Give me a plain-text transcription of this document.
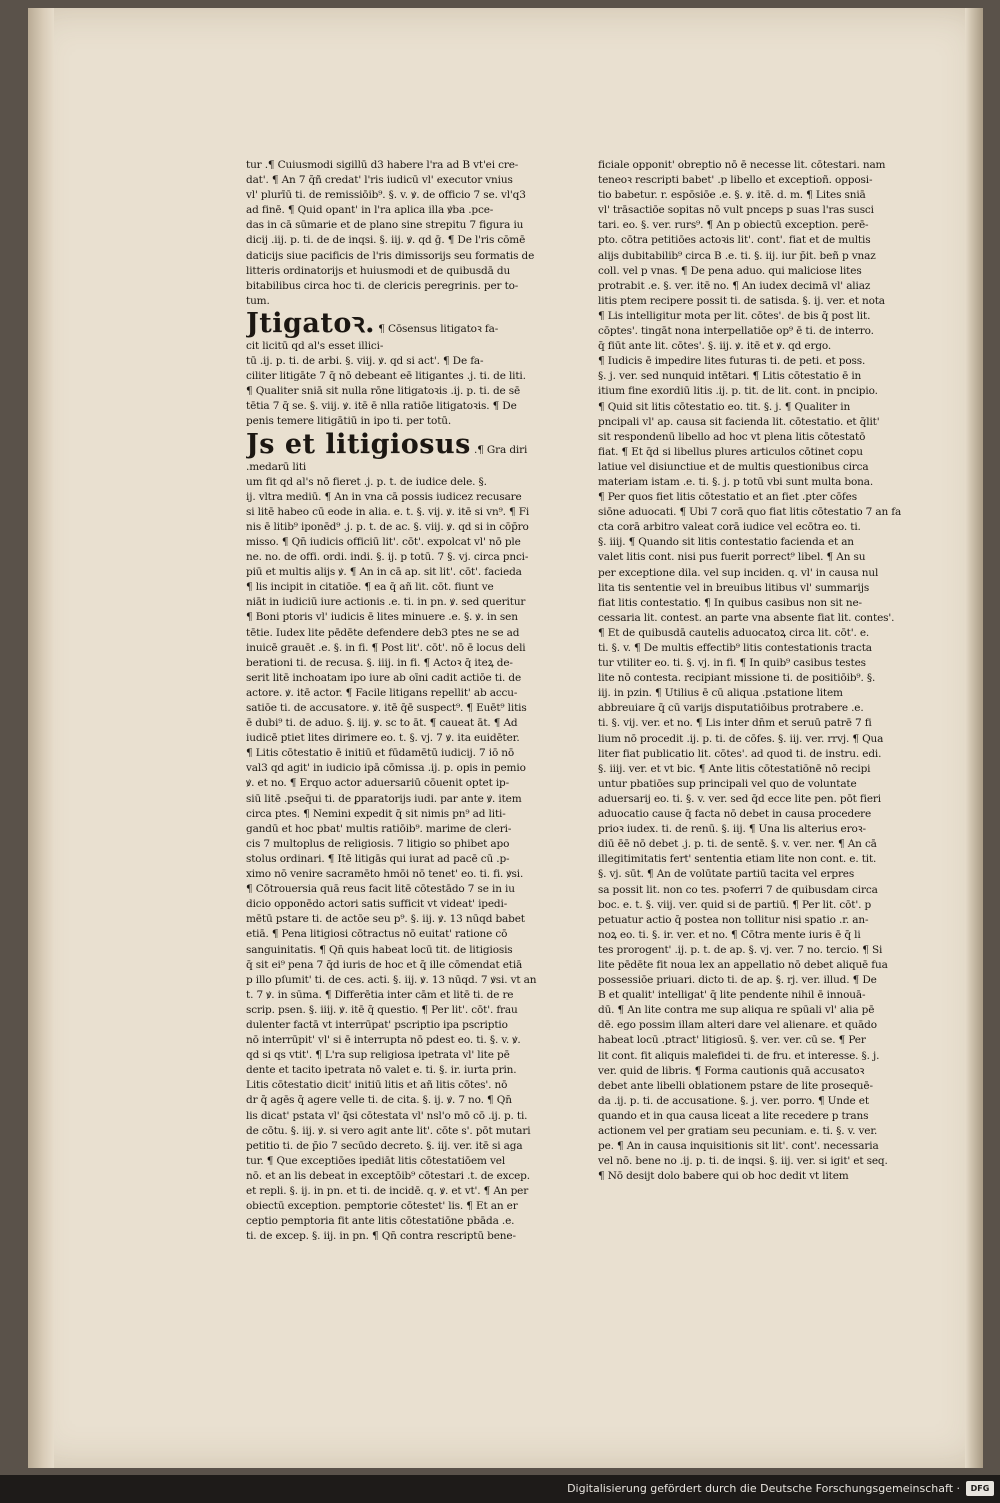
tur .¶ Cuiusmodi sigillū d3 habere l'ra ad B vt'ei cre-
dat'. ¶ An 7 q̄ñ credat' l'ris iudicū vl' executor vnius
vl' plurīū ti. de remissiōib⁹. §. v. ꝟ. de officio 7 se. vl'q3
ad finē. ¶ Quid opant' in l'ra aplica illa ꝟba .pce-
das in cā sūmarie et de plano sine strepitu 7 figura iu
dicij .iij. p. ti. de de inqsi. §. iij. ꝟ. qd ḡ. ¶ De l'ris cōmē
daticijs siue pacificis de l'ris dimissorijs seu formatis de
litteris ordinatorijs et huiusmodi et de quibusdā du
bitabilibus circa hoc ti. de clericis peregrinis. per to-
tum.
Jtigatoꝛ. ¶ Cōsensus litigatoꝛ fa-
cit licitū qd al's esset illici-
tū .ij. p. ti. de arbi. §. viij. ꝟ. qd si act'. ¶ De fa-
ciliter litigāte 7 q̄ nō debeant eē litigantes .j. ti. de liti.
¶ Qualiter sniā sit nulla rōne litigatoꝛis .ij. p. ti. de sē
tētia 7 q̄ se. §. viij. ꝟ. itē ē nlla ratiōe litigatoꝛis. ¶ De
penis temere litigātiū in ipo ti. per totū.
Js et litigiosus .¶ Gra diri
.medarū liti
um fit qd al's nō fieret .j. p. t. de iudice dele. §.
ij. vltra mediū. ¶ An in vna cā possis iudicez recusare
si litē habeo cū eode in alia. e. t. §. vij. ꝟ. itē si vn⁹. ¶ Fi
nis ē litib⁹ iponēd⁹ .j. p. t. de ac. §. viij. ꝟ. qd si in cōp̄ro
misso. ¶ Qn̄ iudicis officiū lit'. cōt'. expolcat vl' nō ple
ne. no. de offi. ordi. indi. §. ij. p totū. 7 §. vj. circa pnci-
piū et multis alijs ꝟ. ¶ An in cā ap. sit lit'. cōt'. facieda
¶ lis incipit in citatiōe. ¶ ea q̄ añ lit. cōt. fiunt ve
niāt in iudiciū iure actionis .e. ti. in pn. ꝟ. sed queritur
¶ Boni ptoris vl' iudicis ē lites minuere .e. §. ꝟ. in sen
tētie. Iudex lite pēdēte defendere deb3 ptes ne se ad
inuicē grauēt .e. §. in fi. ¶ Post lit'. cōt'. nō ē locus deli
berationi ti. de recusa. §. iiij. in fi. ¶ Actoꝛ q̄ iteꝝ de-
serit litē inchoatam ipo iure ab oīni cadit actiōe ti. de
actore. ꝟ. itē actor. ¶ Facile litigans repellit' ab accu-
satiōe ti. de accusatore. ꝟ. itē q̄ē suspect⁹. ¶ Euēt⁹ litis
ē dubi⁹ ti. de aduo. §. iij. ꝟ. sc to āt. ¶ caueat āt. ¶ Ad
iudicē ptiet lites dirimere eo. t. §. vj. 7 ꝟ. ita euidēter.
¶ Litis cōtestatio ē initiū et fūdamētū iudicij. 7 iō nō
val3 qd agit' in iudicio ipā cōmissa .ij. p. opis in pemio
ꝟ. et no. ¶ Erquo actor aduersariū cōuenit optet ip-
siū litē .pseq̄ui ti. de ꝑparatorijs iudi. par ante ꝟ. item
circa ptes. ¶ Nemini expedit q̄ sit nimis pn⁹ ad liti-
gandū et hoc pbat' multis ratiōib⁹. marime de cleri-
cis 7 multoplus de religiosis. 7 litigio so phibet apo
stolus ordinari. ¶ Itē litigās qui iurat ad pacē cū .p-
ximo nō venire sacramēto hmōi nō tenet' eo. ti. fi. ꝟsi.
¶ Cōtrouersia quā reus facit litē cōtestādo 7 se in iu
dicio opponēdo actori satis sufficit vt videat' ipedi-
mētū pstare ti. de actōe seu p⁹. §. iij. ꝟ. 13 nūqd babet
etiā. ¶ Pena litigiosi cōtractus nō euitat' ratione cō
sanguinitatis. ¶ Qn̄ quis habeat locū tit. de litigiosis
q̄ sit ei⁹ pena 7 q̄d iuris de hoc et q̄ ille cōmendat etiā
p illo pſumit' ti. de ces. acti. §. iij. ꝟ. 13 nūqd. 7 ꝟsi. vt an
t. 7 ꝟ. in sūma. ¶ Differētia inter cām et litē ti. de re
scrip. psen. §. iiij. ꝟ. itē q̄ questio. ¶ Per lit'. cōt'. frau
dulenter factā vt interrūpat' pscriptio ipa pscriptio
nō interrūpit' vl' si ē interrupta nō pdest eo. ti. §. v. ꝟ.
qd si qs vtit'. ¶ L'ra sup religiosa ipetrata vl' lite pē
dente et tacito ipetrata nō valet e. ti. §. ir. iurta prin.
Litis cōtestatio dicit' initiū litis et añ litis cōtes'. nō
dr q̄ agēs q̄ agere velle ti. de cita. §. ij. ꝟ. 7 no. ¶ Qn̄
lis dicat' pstata vl' q̄si cōtestata vl' nsl'o mō cō .ij. p. ti.
de cōtu. §. iij. ꝟ. si vero agit ante lit'. cōte s'. pōt mutari
petitio ti. de p̄io 7 secūdo decreto. §. iij. ver. itē si aga
tur. ¶ Que exceptiōes ipediāt litis cōtestatiōem vel
nō. et an lis debeat in exceptōib⁹ cōtestari .t. de excep.
et repli. §. ij. in pn. et ti. de incidē. q. ꝟ. et vt'. ¶ An per
obiectū exception. pemptorie cōtestet' lis. ¶ Et an er
ceptio pemptoria fit ante litis cōtestatiōne pbāda .e.
ti. de excep. §. iij. in pn. ¶ Qn̄ contra rescriptū bene-
ficiale opponit' obreptio nō ē necesse lit. cōtestari. nam
teneoꝛ rescripti babet' .p libello et exceptioñ. opposi-
tio babetur. r. espōsiōe .e. §. ꝟ. itē. d. m. ¶ Lites sniā
vl' trāsactiōe sopitas nō vult pnceps p suas l'ras susci
tari. eo. §. ver. rurs⁹. ¶ An p obiectū exception. perē-
pto. cōtra petitiōes actoꝛis lit'. cont'. fiat et de multis
alijs dubitabilib⁹ circa B .e. ti. §. iij. iur p̄it. beñ p vnaz
coll. vel p vnas. ¶ De pena aduo. qui maliciose lites
protrabit .e. §. ver. itē no. ¶ An iudex decimā vl' aliaz
litis ptem recipere possit ti. de satisda. §. ij. ver. et nota
¶ Lis intelligitur mota per lit. cōtes'. de bis q̄ post lit.
cōptes'. tingāt nona interpellatiōe op⁹ ē ti. de interro.
q̄ fiūt ante lit. cōtes'. §. iij. ꝟ. itē et ꝟ. qd ergo.
¶ Iudicis ē impedire lites futuras ti. de peti. et poss.
§. j. ver. sed nunquid intētari. ¶ Litis cōtestatio ē in
itium fine exordiū litis .ij. p. tit. de lit. cont. in pncipio.
¶ Quid sit litis cōtestatio eo. tit. §. j. ¶ Qualiter in
pncipali vl' ap. causa sit facienda lit. cōtestatio. et q̄lit'
sit respondenū libello ad hoc vt plena litis cōtestatō
fiat. ¶ Et q̄d si libellus plures articulos cōtinet copu
latiue vel disiunctiue et de multis questionibus circa
materiam istam .e. ti. §. j. p totū vbi sunt multa bona.
¶ Per quos fiet litis cōtestatio et an fiet .pter cōfes
siōne aduocati. ¶ Ubi 7 corā quo fiat litis cōtestatio 7 an fa
cta corā arbitro valeat corā iudice vel ecōtra eo. ti.
§. iiij. ¶ Quando sit litis contestatio facienda et an
valet litis cont. nisi pus fuerit porrect⁹ libel. ¶ An su
per exceptione dila. vel sup inciden. q. vl' in causa nul
lita tis sententie vel in breuibus litibus vl' summarijs
fiat litis contestatio. ¶ In quibus casibus non sit ne-
cessaria lit. contest. an parte vna absente fiat lit. contes'.
¶ Et de quibusdā cautelis aduocatoꝝ circa lit. cōt'. e.
ti. §. v. ¶ De multis effectib⁹ litis contestationis tracta
tur vtiliter eo. ti. §. vj. in fi. ¶ In quib⁹ casibus testes
lite nō contesta. recipiant missione ti. de positiōib⁹. §.
iij. in pzin. ¶ Utilius ē cū aliqua .pstatione litem
abbreuiare q̄ cū varijs disputatiōibus protrabere .e.
ti. §. vij. ver. et no. ¶ Lis inter dn̄m et seruū patrē 7 fi
lium nō procedit .ij. p. ti. de cōfes. §. iij. ver. rrvj. ¶ Qua
liter fiat publicatio lit. cōtes'. ad quod ti. de instru. edi.
§. iiij. ver. et vt bic. ¶ Ante litis cōtestatiōnē nō recipi
untur pbatiōes sup principali vel quo de voluntate
aduersarij eo. ti. §. v. ver. sed q̄d ecce lite pen. pōt fieri
aduocatio cause q̄ facta nō debet in causa procedere
prioꝛ iudex. ti. de renū. §. iij. ¶ Una lis alterius eroꝛ-
diū ēē nō debet .j. p. ti. de sentē. §. v. ver. ner. ¶ An cā
illegitimitatis fert' sententia etiam lite non cont. e. tit.
§. vj. sūt. ¶ An de volūtate partiū tacita vel erpres
sa possit lit. non co tes. pꝛoferri 7 de quibusdam circa
boc. e. t. §. viij. ver. quid si de partiū. ¶ Per lit. cōt'. p
petuatur actio q̄ postea non tollitur nisi spatio .r. an-
noꝝ eo. ti. §. ir. ver. et no. ¶ Cōtra mente iuris ē q̄ li
tes prorogent' .ij. p. t. de ap. §. vj. ver. 7 no. tercio. ¶ Si
lite pēdēte fit noua lex an appellatio nō debet aliquē fua
possessiōe priuari. dicto ti. de ap. §. rj. ver. illud. ¶ De
B et qualit' intelligat' q̄ lite pendente nihil ē innouā-
dū. ¶ An lite contra me sup aliqua re spūali vl' alia pē
dē. ego possim illam alteri dare vel alienare. et quādo
habeat locū .ptract' litigiosū. §. ver. ver. cū se. ¶ Per
lit cont. fit aliquis malefidei ti. de fru. et interesse. §. j.
ver. quid de libris. ¶ Forma cautionis quā accusatoꝛ
debet ante libelli oblationem pstare de lite prosequē-
da .ij. p. ti. de accusatione. §. j. ver. porro. ¶ Unde et
quando et in qua causa liceat a lite recedere p trans
actionem vel per gratiam seu pecuniam. e. ti. §. v. ver.
pe. ¶ An in causa inquisitionis sit lit'. cont'. necessaria
vel nō. bene no .ij. p. ti. de inqsi. §. iij. ver. si igit' et seq.
¶ Nō desijt dolo babere qui ob hoc dedit vt litem
Digitalisierung gefördert durch die Deutsche Forschungsgemeinschaft ·	DFG
